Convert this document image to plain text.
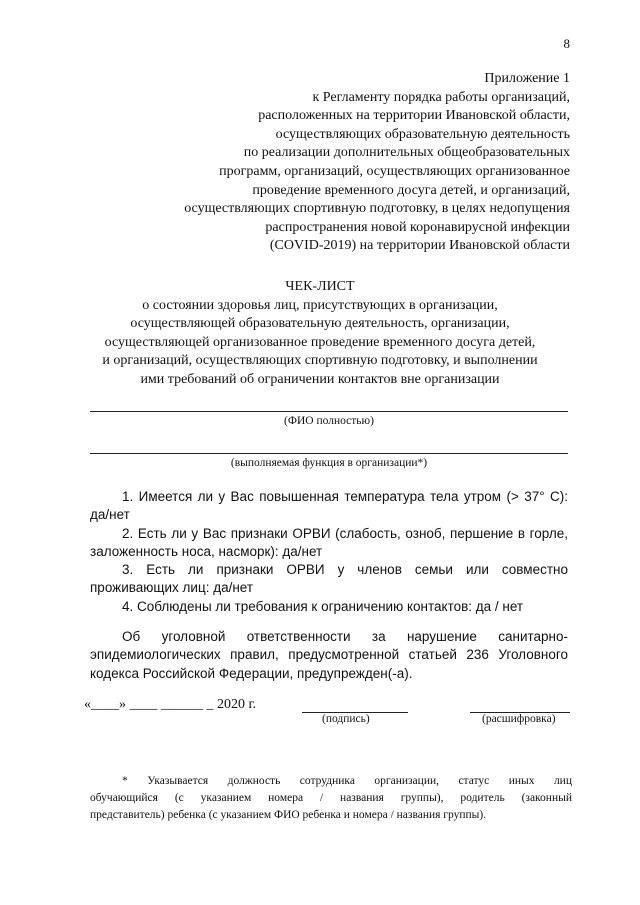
8
Приложение 1
к Регламенту порядка работы организаций,
расположенных на территории Ивановской области,
осуществляющих образовательную деятельность
по реализации дополнительных общеобразовательных
программ, организаций, осуществляющих организованное
проведение временного досуга детей, и организаций,
осуществляющих спортивную подготовку, в целях недопущения
распространения новой коронавирусной инфекции
(COVID-2019) на территории Ивановской области
ЧЕК-ЛИСТ
о состоянии здоровья лиц, присутствующих в организации,
осуществляющей образовательную деятельность, организации,
осуществляющей организованное проведение временного досуга детей,
и организаций, осуществляющих спортивную подготовку, и выполнении
ими требований об ограничении контактов вне организации
(ФИО полностью)
(выполняемая функция в организации*)
1. Имеется ли у Вас повышенная температура тела утром (> 37° С):
да/нет
2. Есть ли у Вас признаки ОРВИ (слабость, озноб, першение в горле,
заложенность носа, насморк): да/нет
3. Есть ли признаки ОРВИ у членов семьи или совместно
проживающих лиц: да/нет
4. Соблюдены ли требования к ограничению контактов: да / нет
Об уголовной ответственности за нарушение санитарно-
эпидемиологических правил, предусмотренной статьей 236 Уголовного
кодекса Российской Федерации, предупрежден(-а).
«____» ____ ______ _ 2020 г.
(подпись)	(расшифровка)
* Указывается должность сотрудника организации, статус иных лиц
обучающийся (с указанием номера / названия группы), родитель (законный
представитель) ребенка (с указанием ФИО ребенка и номера / названия группы).
